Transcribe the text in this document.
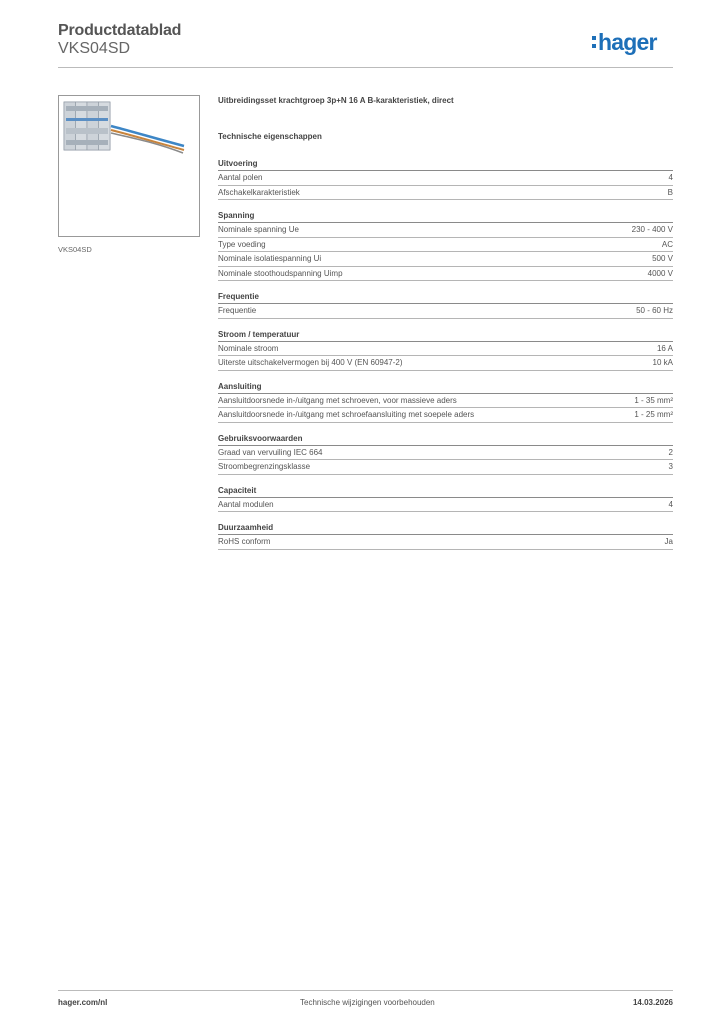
Productdatablad
VKS04SD	hager
VKS04SD
Uitbreidingsset krachtgroep 3p+N 16 A B-karakteristiek, direct
Technische eigenschappen
Uitvoering
Aantal polen	4
Afschakelkarakteristiek	B
Spanning
Nominale spanning Ue	230 - 400 V
Type voeding	AC
Nominale isolatiespanning Ui	500 V
Nominale stoothoudspanning Uimp	4000 V
Frequentie
Frequentie	50 - 60 Hz
Stroom / temperatuur
Nominale stroom	16 A
Uiterste uitschakelvermogen bij 400 V (EN 60947-2)	10 kA
Aansluiting
Aansluitdoorsnede in-/uitgang met schroeven, voor massieve aders	1 - 35 mm²
Aansluitdoorsnede in-/uitgang met schroefaansluiting met soepele aders	1 - 25 mm²
Gebruiksvoorwaarden
Graad van vervuiling IEC 664	2
Stroombegrenzingsklasse	3
Capaciteit
Aantal modulen	4
Duurzaamheid
RoHS conform	Ja
hager.com/nl	Technische wijzigingen voorbehouden	14.03.2026
